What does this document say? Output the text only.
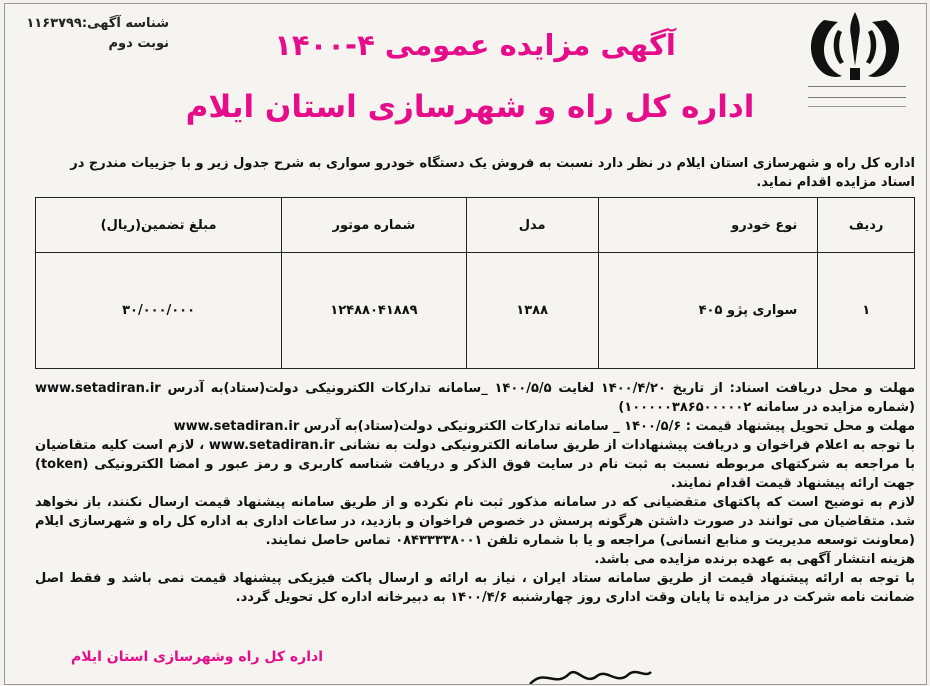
شناسه آگهی:۱۱۶۳۷۹۹
نوبت دوم	آگهی مزایده عمومی ۴-۱۴۰۰
اداره کل راه و شهرسازی استان ایلام
اداره کل راه و شهرسازی استان ایلام در نظر دارد نسبت به فروش یک دستگاه خودرو سواری به شرح جدول زیر و با جزییات مندرج در اسناد مزایده اقدام نماید.
ردیف	نوع خودرو	مدل	شماره موتور	مبلغ تضمین(ریال)
۱	سواری پژو ۴۰۵	۱۳۸۸	۱۲۴۸۸۰۴۱۸۸۹	۳۰/۰۰۰/۰۰۰

مهلت و محل دریافت اسناد: از تاریخ ۱۴۰۰/۴/۲۰ لغایت ۱۴۰۰/۵/۵ _سامانه تدارکات الکترونیکی دولت(ستاد)به آدرس www.setadiran.ir (شماره مزایده در سامانه ۱۰۰۰۰۰۳۸۶۵۰۰۰۰۰۲)

مهلت و محل تحویل پیشنهاد قیمت : ۱۴۰۰/۵/۶ _ سامانه تدارکات الکترونیکی دولت(ستاد)به آدرس www.setadiran.ir

با توجه به اعلام فراخوان و دریافت پیشنهادات از طریق سامانه الکترونیکی دولت به نشانی www.setadiran.ir ، لازم است کلیه متقاضیان با مراجعه به شرکتهای مربوطه نسبت به ثبت نام در سایت فوق الذکر و دریافت شناسه کاربری و رمز عبور و امضا الکترونیکی (token) جهت ارائه پیشنهاد قیمت اقدام نمایند.

لازم به توضیح است که پاکتهای متقضیانی که در سامانه مذکور ثبت نام نکرده و از طریق سامانه پیشنهاد قیمت ارسال نکنند، باز نخواهد شد. متقاضیان می توانند در صورت داشتن هرگونه پرسش در خصوص فراخوان و بازدید، در ساعات اداری به اداره کل راه و شهرسازی ایلام (معاونت توسعه مدیریت و منابع انسانی) مراجعه و یا با شماره تلفن ۰۸۴۳۳۳۳۸۰۰۱ تماس حاصل نمایند.

هزینه انتشار آگهی به عهده برنده مزایده می باشد.

با توجه به ارائه پیشنهاد قیمت از طریق سامانه ستاد ایران ، نیاز به ارائه و ارسال پاکت فیزیکی پیشنهاد قیمت نمی باشد و فقط اصل ضمانت نامه شرکت در مزایده تا پایان وقت اداری روز چهارشنبه ۱۴۰۰/۴/۶ به دبیرخانه اداره کل تحویل گردد.

اداره کل راه وشهرسازی استان ایلام
